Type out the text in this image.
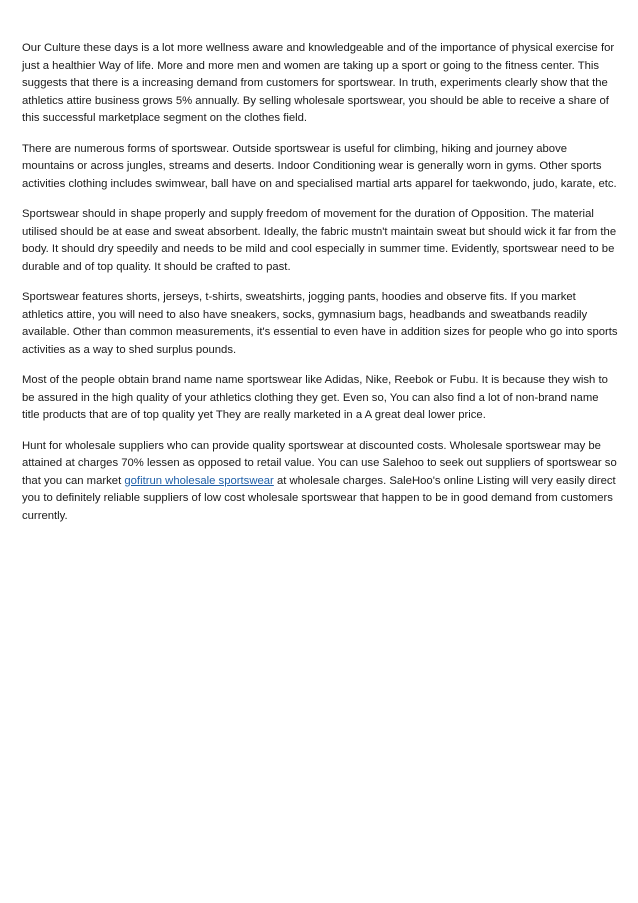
Our Culture these days is a lot more wellness aware and knowledgeable and of the importance of physical exercise for just a healthier Way of life. More and more men and women are taking up a sport or going to the fitness center. This suggests that there is a increasing demand from customers for sportswear. In truth, experiments clearly show that the athletics attire business grows 5% annually. By selling wholesale sportswear, you should be able to receive a share of this successful marketplace segment on the clothes field.

There are numerous forms of sportswear. Outside sportswear is useful for climbing, hiking and journey above mountains or across jungles, streams and deserts. Indoor Conditioning wear is generally worn in gyms. Other sports activities clothing includes swimwear, ball have on and specialised martial arts apparel for taekwondo, judo, karate, etc.

Sportswear should in shape properly and supply freedom of movement for the duration of Opposition. The material utilised should be at ease and sweat absorbent. Ideally, the fabric mustn't maintain sweat but should wick it far from the body. It should dry speedily and needs to be mild and cool especially in summer time. Evidently, sportswear need to be durable and of top quality. It should be crafted to past.

Sportswear features shorts, jerseys, t-shirts, sweatshirts, jogging pants, hoodies and observe fits. If you market athletics attire, you will need to also have sneakers, socks, gymnasium bags, headbands and sweatbands readily available. Other than common measurements, it's essential to even have in addition sizes for people who go into sports activities as a way to shed surplus pounds.

Most of the people obtain brand name name sportswear like Adidas, Nike, Reebok or Fubu. It is because they wish to be assured in the high quality of your athletics clothing they get. Even so, You can also find a lot of non-brand name title products that are of top quality yet They are really marketed in a A great deal lower price.

Hunt for wholesale suppliers who can provide quality sportswear at discounted costs. Wholesale sportswear may be attained at charges 70% lessen as opposed to retail value. You can use Salehoo to seek out suppliers of sportswear so that you can market gofitrun wholesale sportswear at wholesale charges. SaleHoo's online Listing will very easily direct you to definitely reliable suppliers of low cost wholesale sportswear that happen to be in good demand from customers currently.
